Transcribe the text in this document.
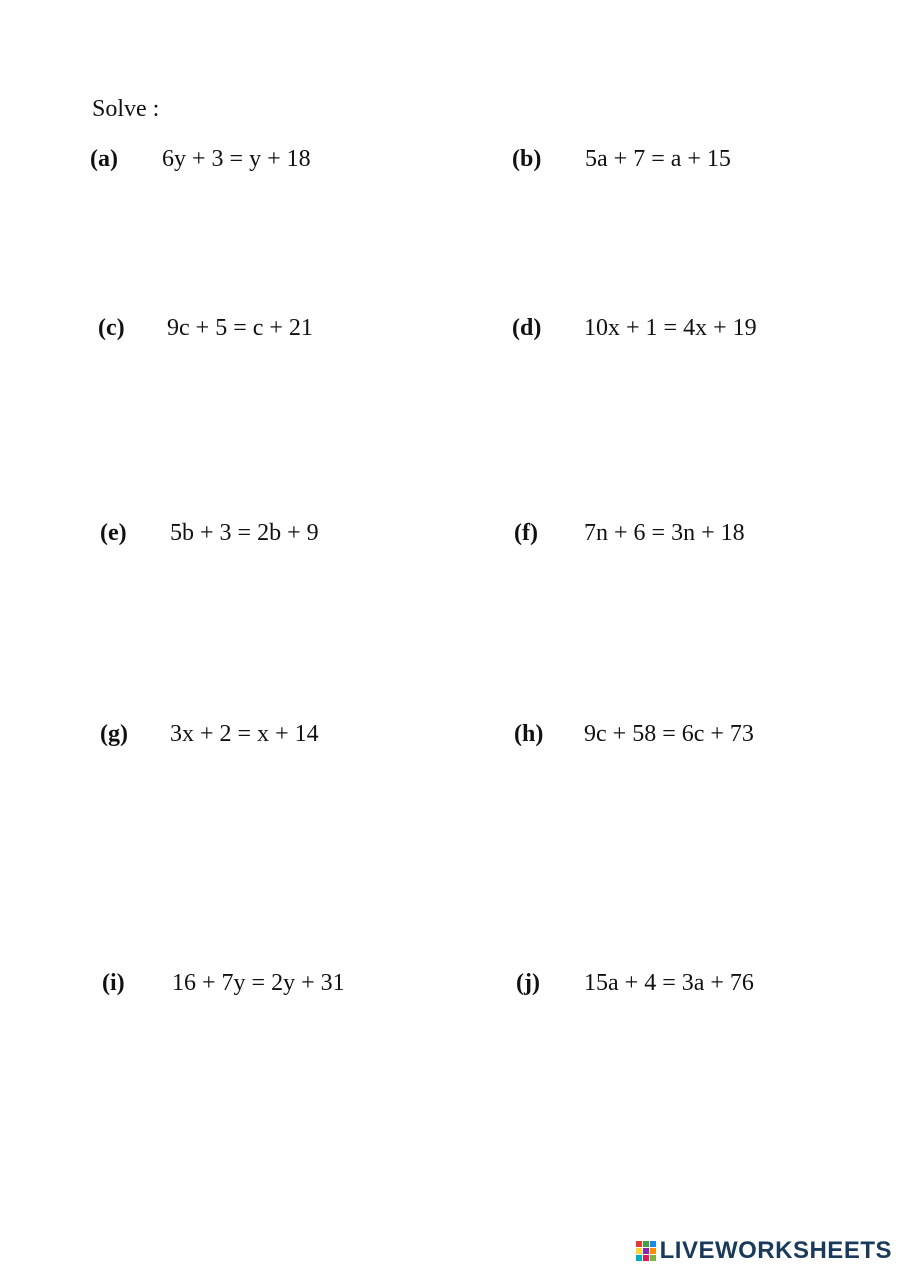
Solve :
(a) 6y + 3 = y + 18	(b) 5a + 7 = a + 15
(c) 9c + 5 = c + 21	(d) 10x + 1 = 4x + 19
(e) 5b + 3 = 2b + 9	(f) 7n + 6 = 3n + 18
(g) 3x + 2 = x + 14	(h) 9c + 58 = 6c + 73
(i) 16 + 7y = 2y + 31	(j) 15a + 4 = 3a + 76
LIVEWORKSHEETS
